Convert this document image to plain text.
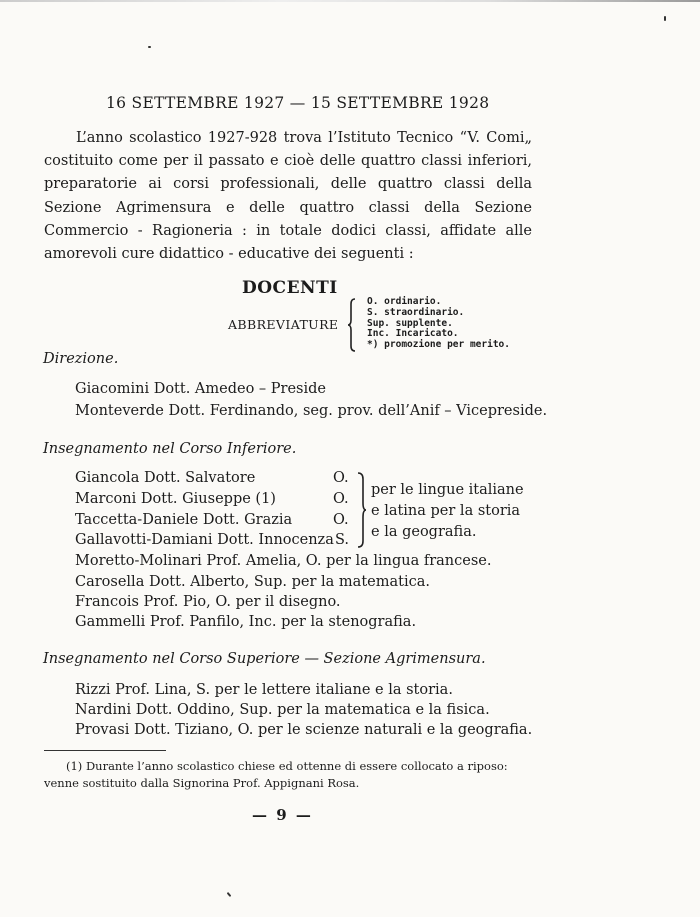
16 SETTEMBRE 1927 — 15 SETTEMBRE 1928
L’anno scolastico 1927-928 trova l’Istituto Tecnico “V. Comi„ costituito come per il passato e cioè delle quattro classi inferiori, preparatorie ai corsi professionali, delle quattro classi della Sezione Agrimensura e delle quattro classi della Sezione Commercio - Ragioneria : in totale dodici classi, affidate alle amorevoli cure didattico - educative dei seguenti :
DOCENTI
ABBREVIATURE
O. ordinario.
S. straordinario.
Sup. supplente.
Inc. Incaricato.
*) promozione per merito.
Direzione.
Giacomini Dott. Amedeo – Preside
Monteverde Dott. Ferdinando, seg. prov. dell’Anif – Vicepreside.
Insegnamento nel Corso Inferiore.
Giancola Dott. Salvatore	O.
Marconi Dott. Giuseppe (1)	O.
Taccetta-Daniele Dott. Grazia	O.
Gallavotti-Damiani Dott. Innocenza S.
per le lingue italiane
e latina per la storia
e la geografia.
Moretto-Molinari Prof. Amelia, O. per la lingua francese.
Carosella Dott. Alberto, Sup. per la matematica.
Francois Prof. Pio, O. per il disegno.
Gammelli Prof. Panfilo, Inc. per la stenografia.
Insegnamento nel Corso Superiore — Sezione Agrimensura.
Rizzi Prof. Lina, S. per le lettere italiane e la storia.
Nardini Dott. Oddino, Sup. per la matematica e la fisica.
Provasi Dott. Tiziano, O. per le scienze naturali e la geografia.
(1) Durante l’anno scolastico chiese ed ottenne di essere collocato a riposo: venne sostituito dalla Signorina Prof. Appignani Rosa.
— 9 —
